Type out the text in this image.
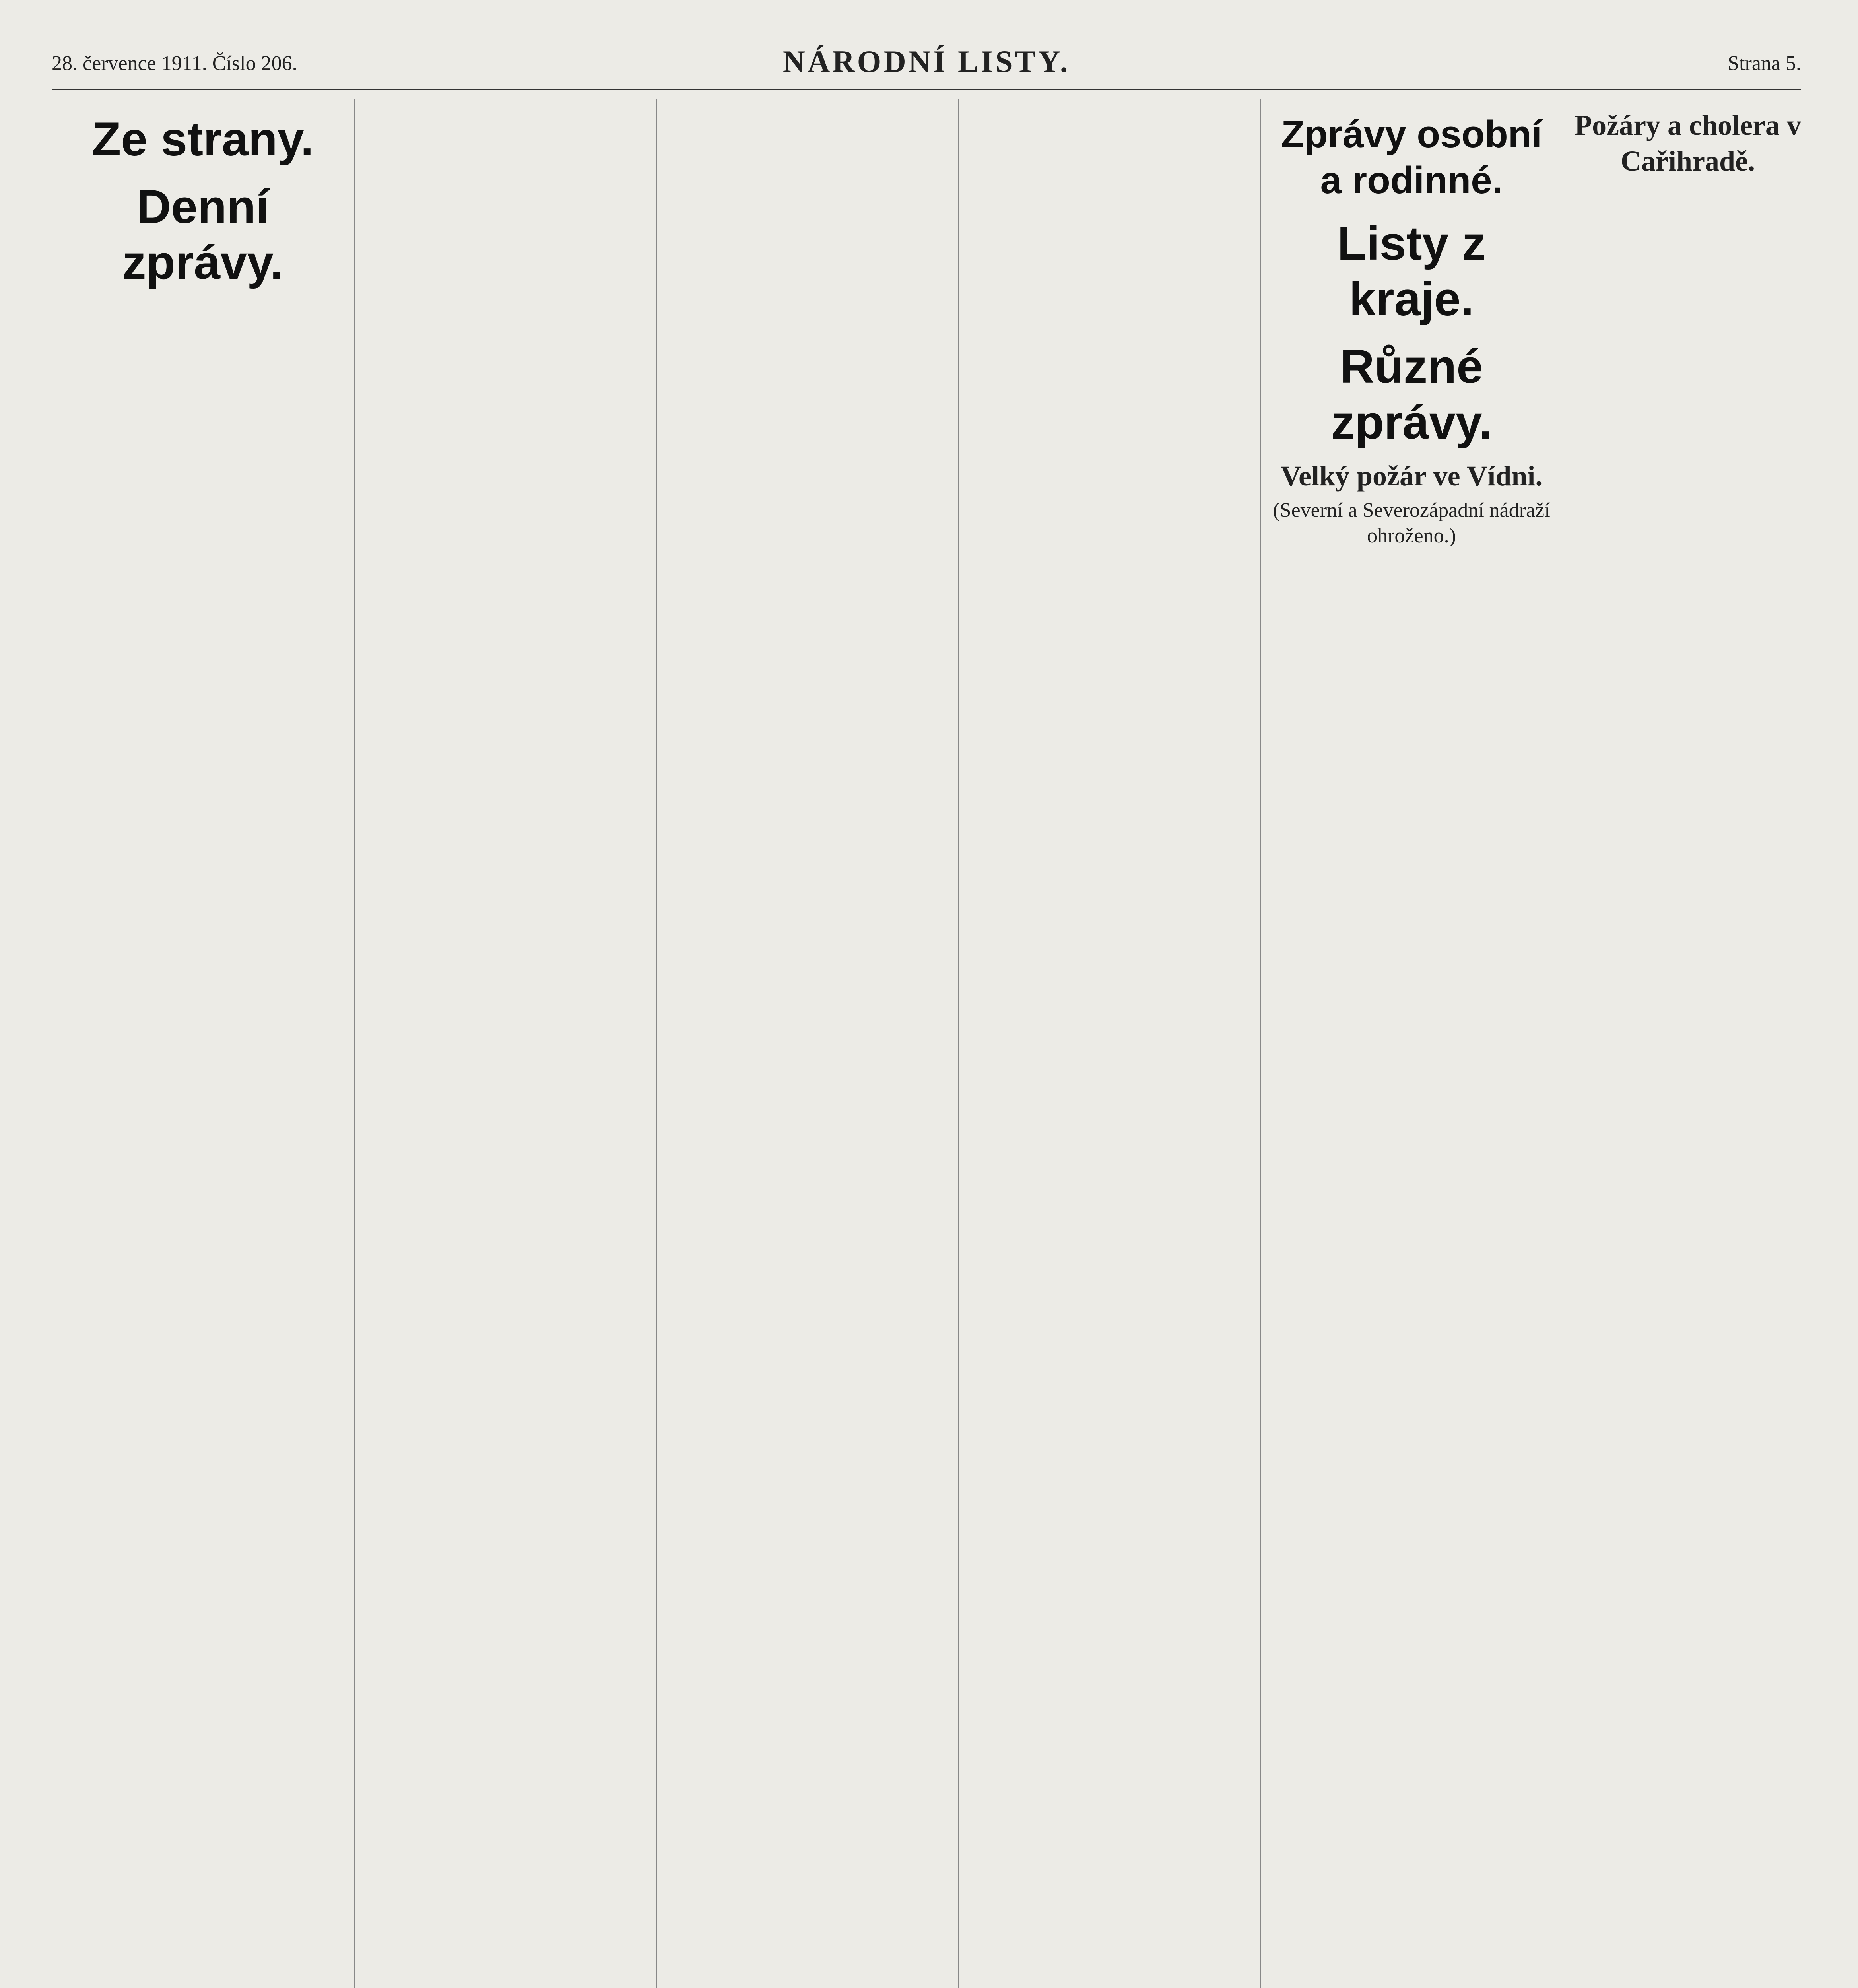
28. července 1911. Číslo 206.	NÁRODNÍ LISTY.	Strana 5.
Ze strany.
Denní zprávy.
Zprávy osobní a rodinné.
Listy z kraje.
Různé zprávy.
Velký požár ve Vídni.
(Severní a Severozápadní nádraží ohroženo.)
Požáry a cholera v Cařihradě.
